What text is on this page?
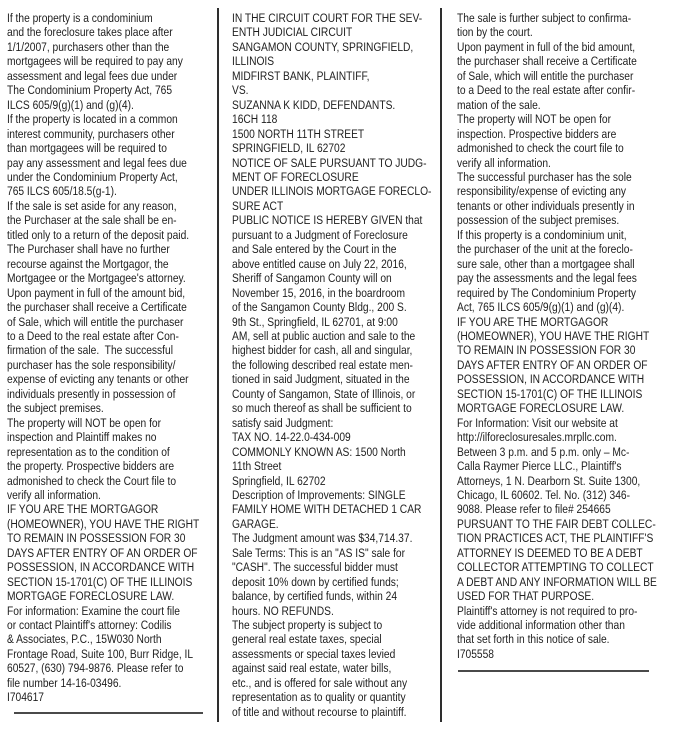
If the property is a condominium
and the foreclosure takes place after
1/1/2007, purchasers other than the
mortgagees will be required to pay any
assessment and legal fees due under
The Condominium Property Act, 765
ILCS 605/9(g)(1) and (g)(4).
If the property is located in a common
interest community, purchasers other
than mortgagees will be required to
pay any assessment and legal fees due
under the Condominium Property Act,
765 ILCS 605/18.5(g-1).
If the sale is set aside for any reason,
the Purchaser at the sale shall be en-
titled only to a return of the deposit paid.
The Purchaser shall have no further
recourse against the Mortgagor, the
Mortgagee or the Mortgagee's attorney.
Upon payment in full of the amount bid,
the purchaser shall receive a Certificate
of Sale, which will entitle the purchaser
to a Deed to the real estate after Con-
firmation of the sale.  The successful
purchaser has the sole responsibility/
expense of evicting any tenants or other
individuals presently in possession of
the subject premises.
The property will NOT be open for
inspection and Plaintiff makes no
representation as to the condition of
the property. Prospective bidders are
admonished to check the Court file to
verify all information.
IF YOU ARE THE MORTGAGOR
(HOMEOWNER), YOU HAVE THE RIGHT
TO REMAIN IN POSSESSION FOR 30
DAYS AFTER ENTRY OF AN ORDER OF
POSSESSION, IN ACCORDANCE WITH
SECTION 15-1701(C) OF THE ILLINOIS
MORTGAGE FORECLOSURE LAW.
For information: Examine the court file
or contact Plaintiff's attorney: Codilis
& Associates, P.C., 15W030 North
Frontage Road, Suite 100, Burr Ridge, IL
60527, (630) 794-9876. Please refer to
file number 14-16-03496.
I704617
IN THE CIRCUIT COURT FOR THE SEV-
ENTH JUDICIAL CIRCUIT
SANGAMON COUNTY, SPRINGFIELD,
ILLINOIS
MIDFIRST BANK, PLAINTIFF,
VS.
SUZANNA K KIDD, DEFENDANTS.
16CH 118
1500 NORTH 11TH STREET
SPRINGFIELD, IL 62702
NOTICE OF SALE PURSUANT TO JUDG-
MENT OF FORECLOSURE
UNDER ILLINOIS MORTGAGE FORECLO-
SURE ACT
PUBLIC NOTICE IS HEREBY GIVEN that
pursuant to a Judgment of Foreclosure
and Sale entered by the Court in the
above entitled cause on July 22, 2016,
Sheriff of Sangamon County will on
November 15, 2016, in the boardroom
of the Sangamon County Bldg., 200 S.
9th St., Springfield, IL 62701, at 9:00
AM, sell at public auction and sale to the
highest bidder for cash, all and singular,
the following described real estate men-
tioned in said Judgment, situated in the
County of Sangamon, State of Illinois, or
so much thereof as shall be sufficient to
satisfy said Judgment:
TAX NO. 14-22.0-434-009
COMMONLY KNOWN AS: 1500 North
11th Street
Springfield, IL 62702
Description of Improvements: SINGLE
FAMILY HOME WITH DETACHED 1 CAR
GARAGE.
The Judgment amount was $34,714.37.
Sale Terms: This is an "AS IS" sale for
"CASH". The successful bidder must
deposit 10% down by certified funds;
balance, by certified funds, within 24
hours. NO REFUNDS.
The subject property is subject to
general real estate taxes, special
assessments or special taxes levied
against said real estate, water bills,
etc., and is offered for sale without any
representation as to quality or quantity
of title and without recourse to plaintiff.
The sale is further subject to confirma-
tion by the court.
Upon payment in full of the bid amount,
the purchaser shall receive a Certificate
of Sale, which will entitle the purchaser
to a Deed to the real estate after confir-
mation of the sale.
The property will NOT be open for
inspection. Prospective bidders are
admonished to check the court file to
verify all information.
The successful purchaser has the sole
responsibility/expense of evicting any
tenants or other individuals presently in
possession of the subject premises.
If this property is a condominium unit,
the purchaser of the unit at the foreclo-
sure sale, other than a mortgagee shall
pay the assessments and the legal fees
required by The Condominium Property
Act, 765 ILCS 605/9(g)(1) and (g)(4).
IF YOU ARE THE MORTGAGOR
(HOMEOWNER), YOU HAVE THE RIGHT
TO REMAIN IN POSSESSION FOR 30
DAYS AFTER ENTRY OF AN ORDER OF
POSSESSION, IN ACCORDANCE WITH
SECTION 15-1701(C) OF THE ILLINOIS
MORTGAGE FORECLOSURE LAW.
For Information: Visit our website at
http://ilforeclosuresales.mrpllc.com.
Between 3 p.m. and 5 p.m. only – Mc-
Calla Raymer Pierce LLC., Plaintiff's
Attorneys, 1 N. Dearborn St. Suite 1300,
Chicago, IL 60602. Tel. No. (312) 346-
9088. Please refer to file# 254665
PURSUANT TO THE FAIR DEBT COLLEC-
TION PRACTICES ACT, THE PLAINTIFF'S
ATTORNEY IS DEEMED TO BE A DEBT
COLLECTOR ATTEMPTING TO COLLECT
A DEBT AND ANY INFORMATION WILL BE
USED FOR THAT PURPOSE.
Plaintiff's attorney is not required to pro-
vide additional information other than
that set forth in this notice of sale.
I705558
